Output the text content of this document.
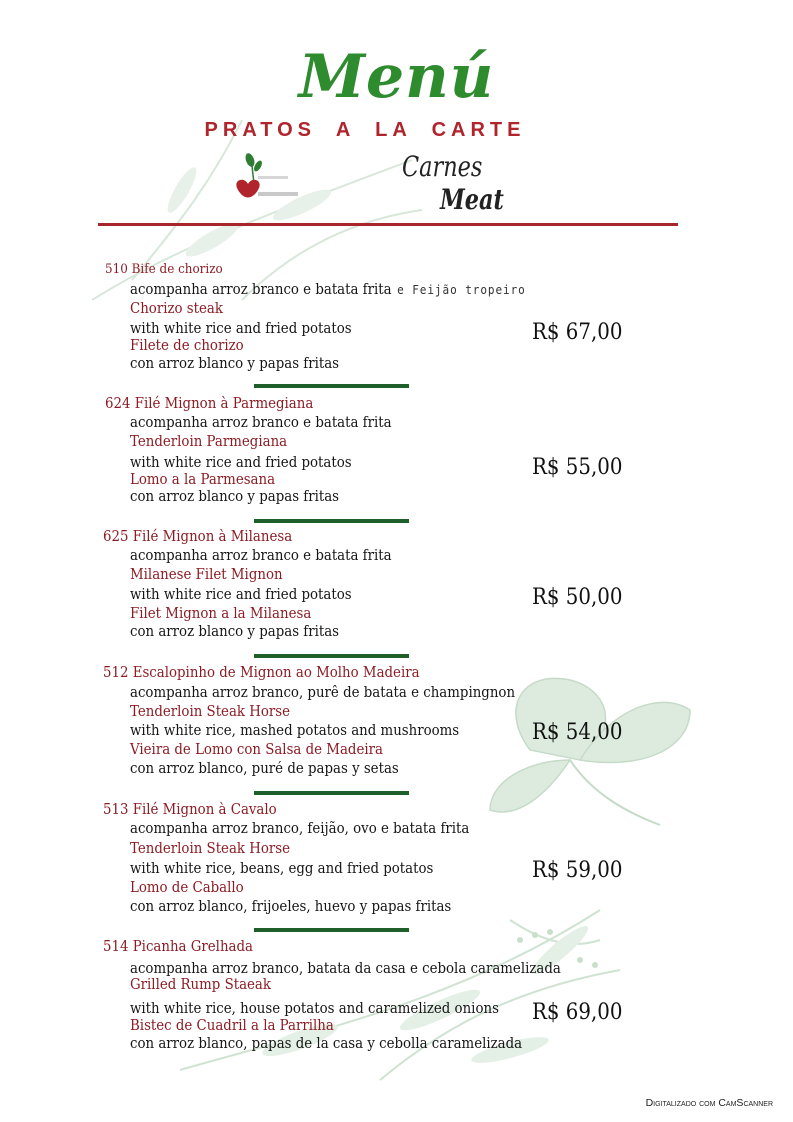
Menú
PRATOS A LA CARTE
Carnes
Meat
510 Bife de chorizo
acompanha arroz branco e batata frita e Feijão tropeiro
Chorizo steak
with white rice and fried potatos
Filete de chorizo
con arroz blanco y papas fritas
R$ 67,00
624 Filé Mignon à Parmegiana
acompanha arroz branco e batata frita
Tenderloin Parmegiana
with white rice and fried potatos
Lomo a la Parmesana
con arroz blanco y papas fritas
R$ 55,00
625 Filé Mignon à Milanesa
acompanha arroz branco e batata frita
Milanese Filet Mignon
with white rice and fried potatos
Filet Mignon a la Milanesa
con arroz blanco y papas fritas
R$ 50,00
512 Escalopinho de Mignon ao Molho Madeira
acompanha arroz branco, purê de batata e champingnon
Tenderloin Steak Horse
with white rice, mashed potatos and mushrooms
Vieira de Lomo con Salsa de Madeira
con arroz blanco, puré de papas y setas
R$ 54,00
513 Filé Mignon à Cavalo
acompanha arroz branco, feijão, ovo e batata frita
Tenderloin Steak Horse
with white rice, beans, egg and fried potatos
Lomo de Caballo
con arroz blanco, frijoeles, huevo y papas fritas
R$ 59,00
514 Picanha Grelhada
acompanha arroz branco, batata da casa e cebola caramelizada
Grilled Rump Staeak
with white rice, house potatos and caramelized onions
Bistec de Cuadril a la Parrilha
con arroz blanco, papas de la casa y cebolla caramelizada
R$ 69,00
Digitalizado com CamScanner
